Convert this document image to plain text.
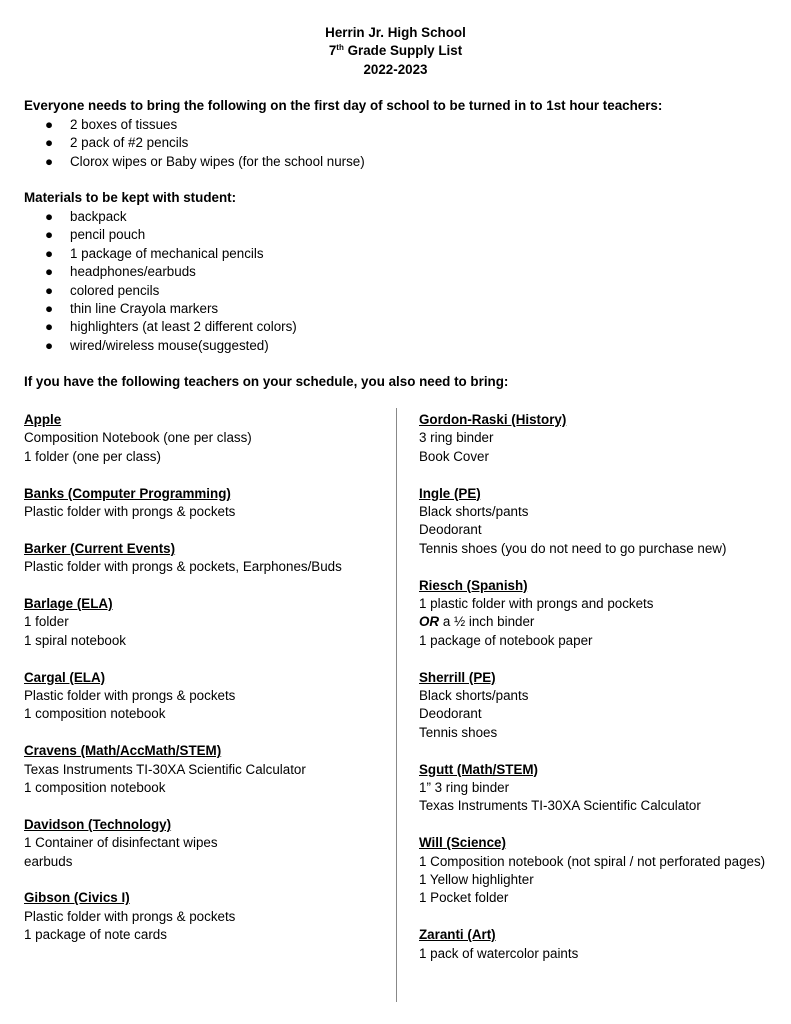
Herrin Jr. High School
7th Grade Supply List
2022-2023
Everyone needs to bring the following on the first day of school to be turned in to 1st hour teachers:
● 2 boxes of tissues
● 2 pack of #2 pencils
● Clorox wipes or Baby wipes (for the school nurse)
Materials to be kept with student:
● backpack
● pencil pouch
● 1 package of mechanical pencils
● headphones/earbuds
● colored pencils
● thin line Crayola markers
● highlighters (at least 2 different colors)
● wired/wireless mouse(suggested)
If you have the following teachers on your schedule, you also need to bring:
Apple
Composition Notebook (one per class)
1 folder (one per class)
Banks (Computer Programming)
Plastic folder with prongs & pockets
Barker (Current Events)
Plastic folder with prongs & pockets, Earphones/Buds
Barlage (ELA)
1 folder
1 spiral notebook
Cargal (ELA)
Plastic folder with prongs & pockets
1 composition notebook
Cravens (Math/AccMath/STEM)
Texas Instruments TI-30XA Scientific Calculator
1 composition notebook
Davidson (Technology)
1 Container of disinfectant wipes
earbuds
Gibson (Civics I)
Plastic folder with prongs & pockets
1 package of note cards
Gordon-Raski (History)
3 ring binder
Book Cover
Ingle (PE)
Black shorts/pants
Deodorant
Tennis shoes (you do not need to go purchase new)
Riesch (Spanish)
1 plastic folder with prongs and pockets
OR a ½ inch binder
1 package of notebook paper
Sherrill (PE)
Black shorts/pants
Deodorant
Tennis shoes
Sgutt (Math/STEM)
1” 3 ring binder
Texas Instruments TI-30XA Scientific Calculator
Will (Science)
1 Composition notebook (not spiral / not perforated pages)
1 Yellow highlighter
1 Pocket folder
Zaranti (Art)
1 pack of watercolor paints
